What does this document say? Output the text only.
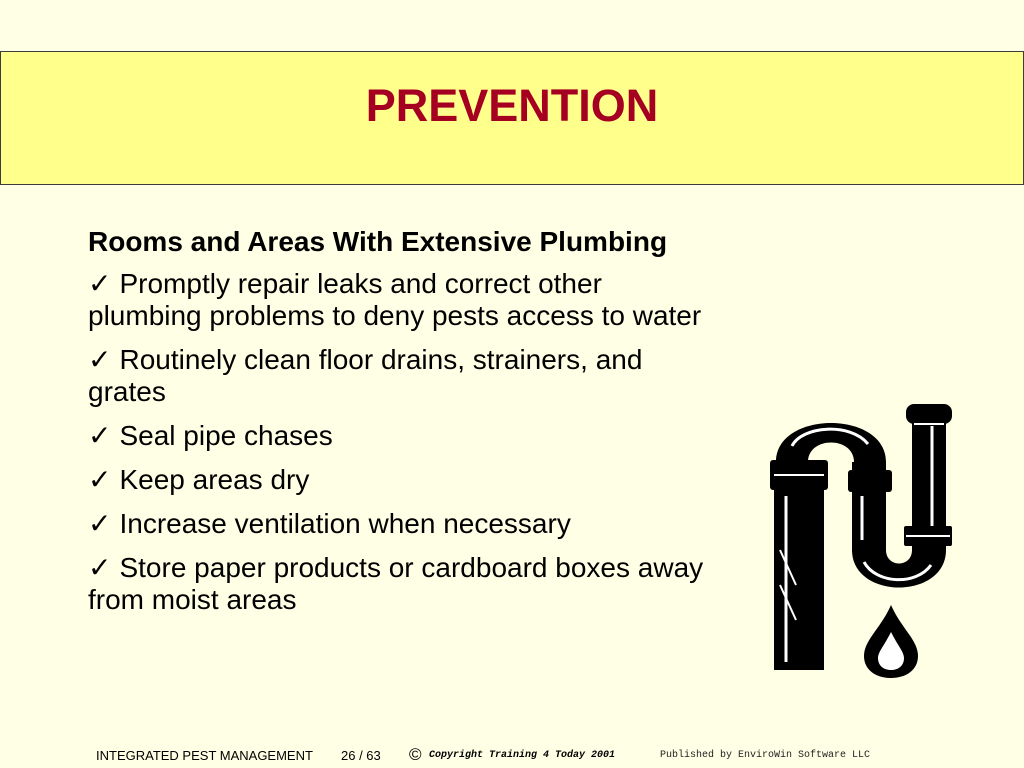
PREVENTION
Rooms and Areas With Extensive Plumbing
✓ Promptly repair leaks and correct other plumbing problems to deny pests access to water
✓ Routinely clean floor drains, strainers, and grates
✓ Seal pipe chases
✓ Keep areas dry
✓ Increase ventilation when necessary
✓ Store paper products or cardboard boxes away from moist areas
INTEGRATED PEST MANAGEMENT 26 / 63 © Copyright Training 4 Today 2001	Published by EnviroWin Software LLC
